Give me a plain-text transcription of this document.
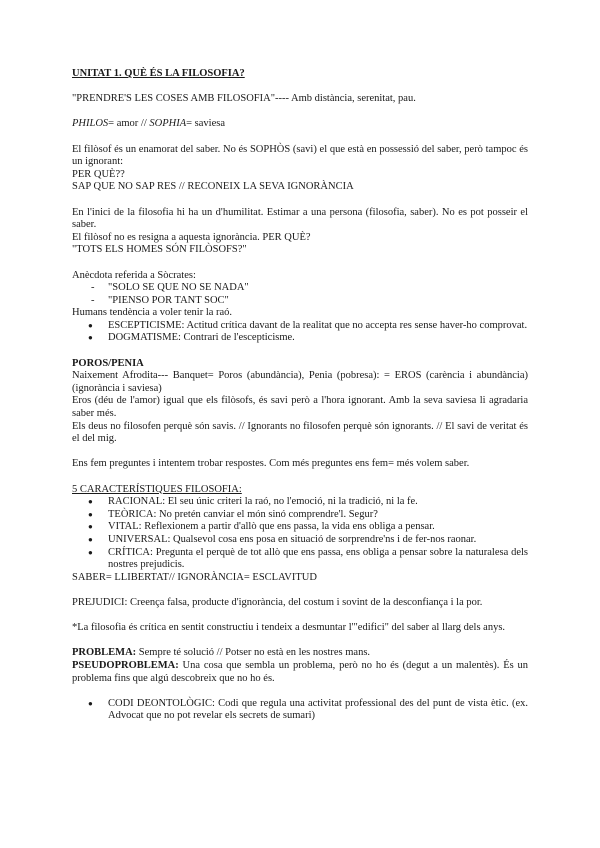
UNITAT 1. QUÈ ÉS LA FILOSOFIA?

"PRENDRE'S LES COSES AMB FILOSOFIA"---- Amb distància, serenitat, pau.

PHILOS= amor // SOPHIA= saviesa

El filòsof és un enamorat del saber. No és SOPHÒS (savi) el que està en possessió del saber, però tampoc és un ignorant:

PER QUÈ??

SAP QUE NO SAP RES // RECONEIX LA SEVA IGNORÀNCIA

En l'inici de la filosofia hi ha un d'humilitat. Estimar a una persona (filosofia, saber). No es pot posseir el saber.

El filòsof no es resigna a aquesta ignorància. PER QUÈ?

"TOTS ELS HOMES SÓN FILÒSOFS?"

Anècdota referida a Sòcrates:

- "SOLO SE QUE NO SE NADA"
- "PIENSO POR TANT SOC"

Humans tendència a voler tenir la raó.

● ESCEPTICISME: Actitud crítica davant de la realitat que no accepta res sense haver-ho comprovat.
● DOGMATISME: Contrari de l'escepticisme.

POROS/PENIA

Naixement Afrodita--- Banquet= Poros (abundància), Penia (pobresa): = EROS (carència i abundància) (ignorància i saviesa)

Eros (déu de l'amor) igual que els filòsofs, és savi però a l'hora ignorant. Amb la seva saviesa li agradaria saber més.

Els deus no filosofen perquè són savis. // Ignorants no filosofen perquè són ignorants. // El savi de veritat és el del mig.

Ens fem preguntes i intentem trobar respostes. Com més preguntes ens fem= més volem saber.

5 CARACTERÍSTIQUES FILOSOFIA:

● RACIONAL: El seu únic criteri la raó, no l'emoció, ni la tradició, ni la fe.
● TEÒRICA: No pretén canviar el món sinó comprendre'l. Segur?
● VITAL: Reflexionem a partir d'allò que ens passa, la vida ens obliga a pensar.
● UNIVERSAL: Qualsevol cosa ens posa en situació de sorprendre'ns i de fer-nos raonar.
● CRÍTICA: Pregunta el perquè de tot allò que ens passa, ens obliga a pensar sobre la naturalesa dels nostres prejudicis.

SABER= LLIBERTAT// IGNORÀNCIA= ESCLAVITUD

PREJUDICI: Creença falsa, producte d'ignorància, del costum i sovint de la desconfiança i la por.

*La filosofia és crítica en sentit constructiu i tendeix a desmuntar l'"edifici" del saber al llarg dels anys.

PROBLEMA: Sempre té solució // Potser no està en les nostres mans.

PSEUDOPROBLEMA: Una cosa que sembla un problema, però no ho és (degut a un malentès). És un problema fins que algú descobreix que no ho és.

● CODI DEONTOLÒGIC: Codi que regula una activitat professional des del punt de vista ètic. (ex. Advocat que no pot revelar els secrets de sumari)
